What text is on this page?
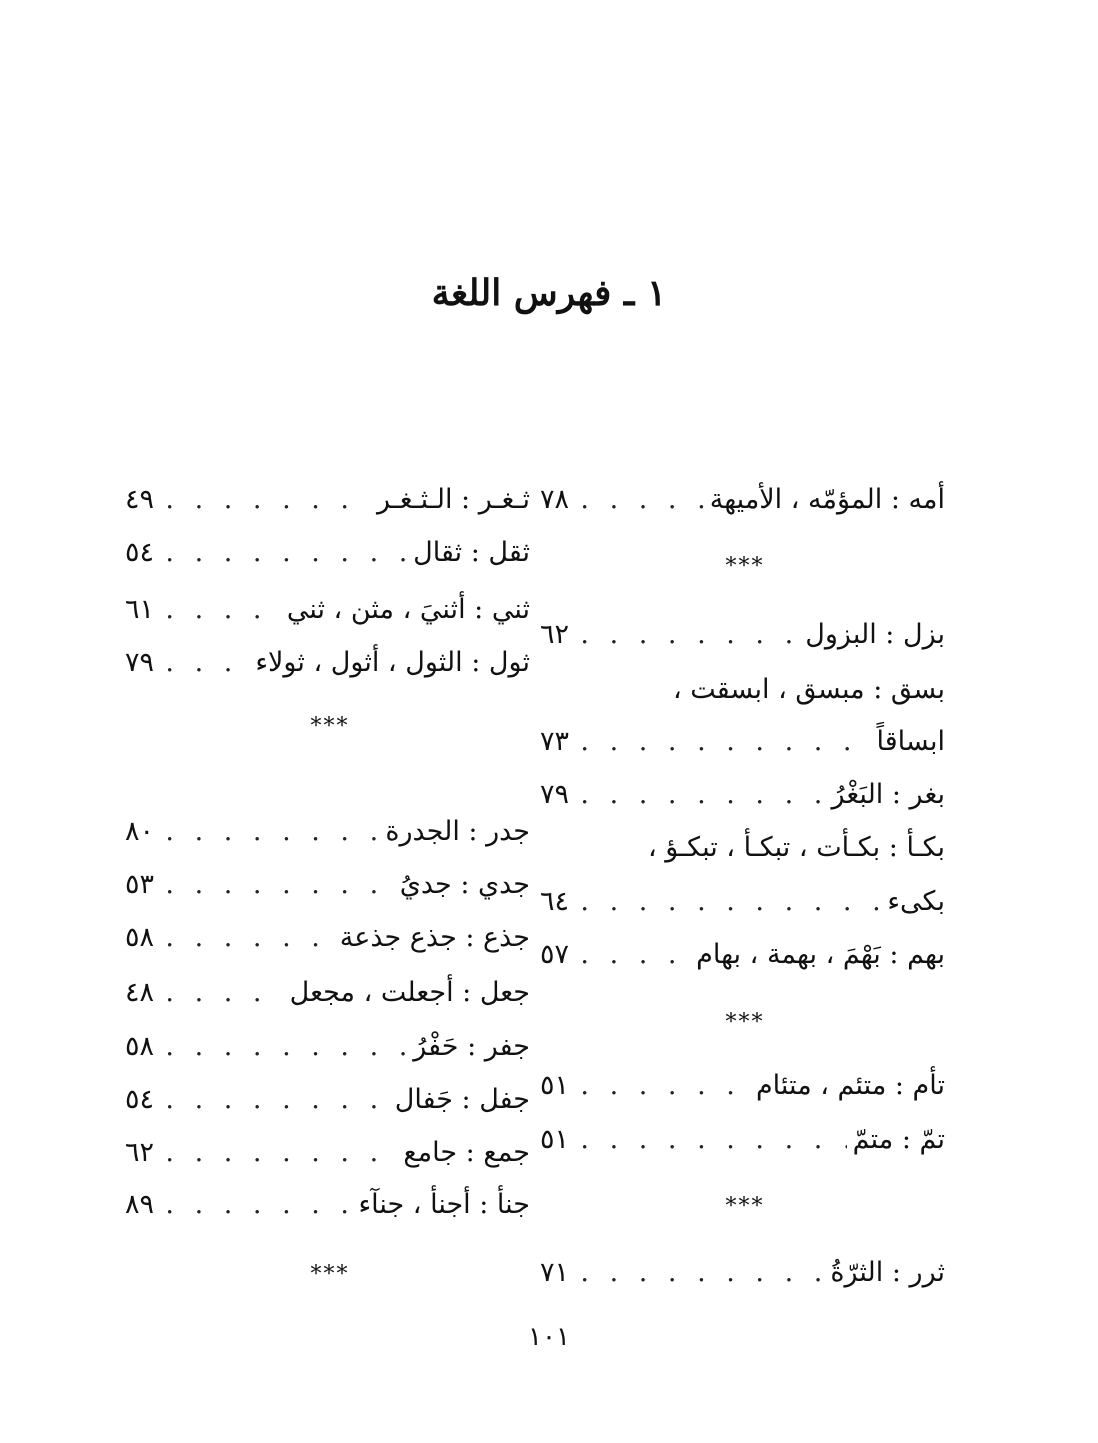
١ ـ فهرس اللغة
. . .
أمه : المؤمّه ، الأميهة
٧٨
***
. . .
بزل : البزول
٦٢
بسق : مبسق ، ابسقت ،
. . .
ابساقاً
٧٣
. . .
بغر : البَغْرُ
٧٩
بكـأ : بكـأت ، تبكـأ ، تبكـؤ ،
. . .
بكىء
٦٤
. . .
بهم : بَهْمَ ، بهمة ، بهام
٥٧
***
. . .
تأم : متئم ، متئام
٥١
. . .
تمّ : متمّ
٥١
***
. . .
ثرر : الثرّةُ
٧١
. . .
ثـغـر : الـثـغـر
٤٩
. . .
ثقل : ثقال
٥٤
. . .
ثني : أثنيَ ، مثن ، ثني
٦١
. . .
ثول : الثول ، أثول ، ثولاء
٧٩
***
. . .
جدر : الجدرة
٨٠
. . .
جدي : جديُ
٥٣
. . .
جذع : جذع جذعة
٥٨
. . .
جعل : أجعلت ، مجعل
٤٨
. . .
جفر : حَفْرُ
٥٨
. . .
جفل : جَفال
٥٤
. . .
جمع : جامع
٦٢
. . .
جنأ : أجنأ ، جنآء
٨٩
***
١٠١
